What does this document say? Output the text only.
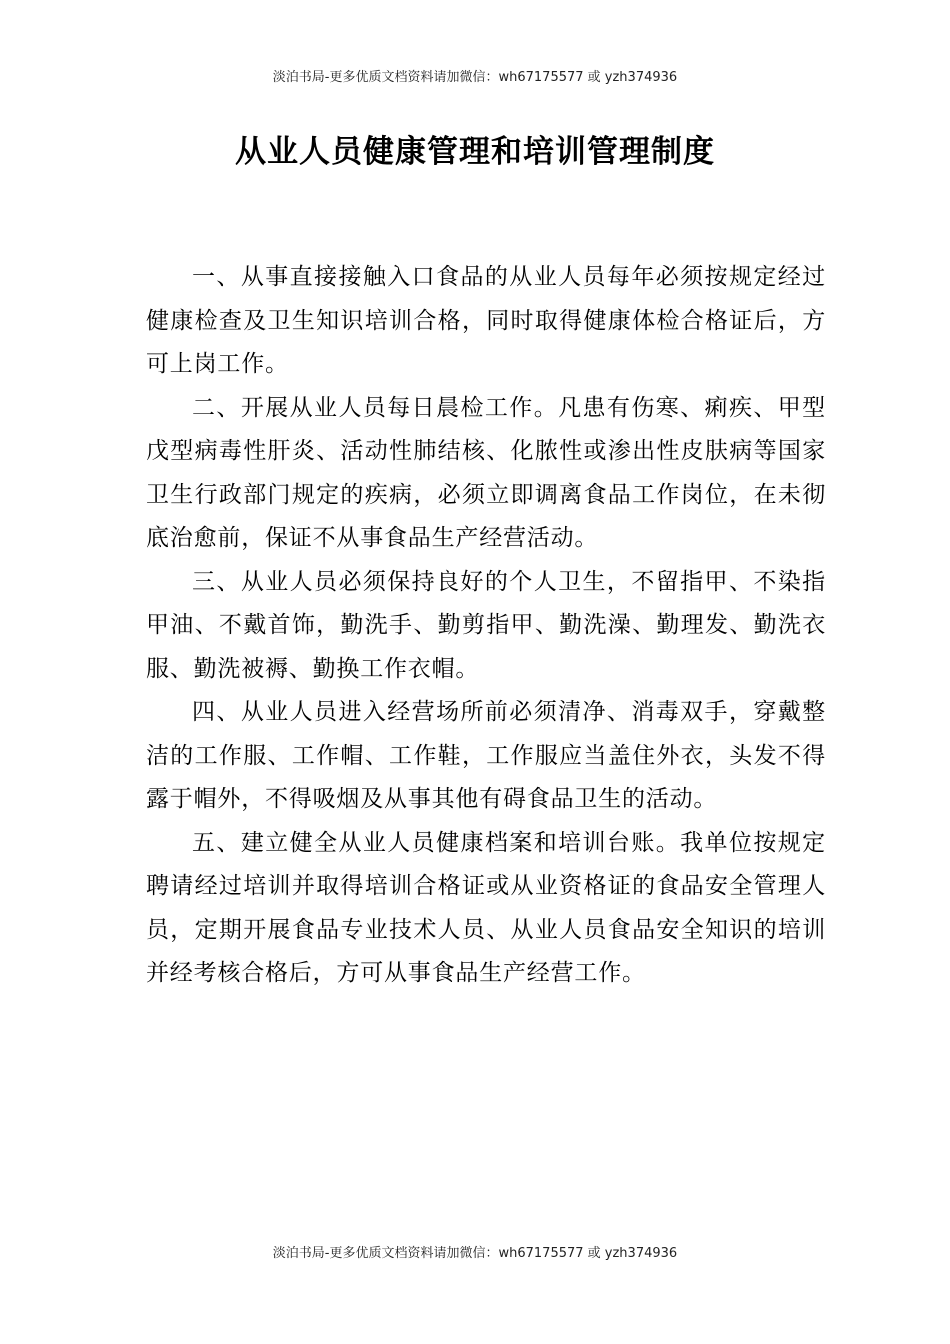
淡泊书局-更多优质文档资料请加微信：wh67175577 或 yzh374936
从业人员健康管理和培训管理制度

一、从事直接接触入口食品的从业人员每年必须按规定经过健康检查及卫生知识培训合格，同时取得健康体检合格证后，方可上岗工作。

二、开展从业人员每日晨检工作。凡患有伤寒、痢疾、甲型戊型病毒性肝炎、活动性肺结核、化脓性或渗出性皮肤病等国家卫生行政部门规定的疾病，必须立即调离食品工作岗位，在未彻底治愈前，保证不从事食品生产经营活动。

三、从业人员必须保持良好的个人卫生，不留指甲、不染指甲油、不戴首饰，勤洗手、勤剪指甲、勤洗澡、勤理发、勤洗衣服、勤洗被褥、勤换工作衣帽。

四、从业人员进入经营场所前必须清净、消毒双手，穿戴整洁的工作服、工作帽、工作鞋，工作服应当盖住外衣，头发不得露于帽外，不得吸烟及从事其他有碍食品卫生的活动。

五、建立健全从业人员健康档案和培训台账。我单位按规定聘请经过培训并取得培训合格证或从业资格证的食品安全管理人员，定期开展食品专业技术人员、从业人员食品安全知识的培训并经考核合格后，方可从事食品生产经营工作。

淡泊书局-更多优质文档资料请加微信：wh67175577 或 yzh374936
